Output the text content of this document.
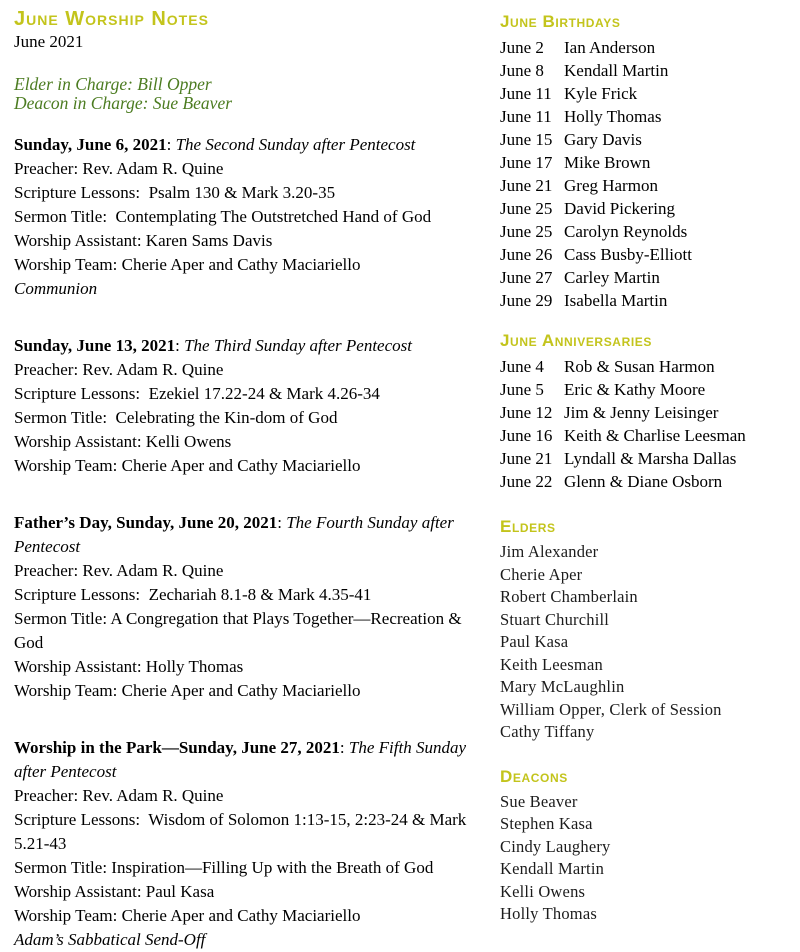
June Worship Notes
June 2021
Elder in Charge: Bill Opper
Deacon in Charge: Sue Beaver
Sunday, June 6, 2021: The Second Sunday after Pentecost
Preacher: Rev. Adam R. Quine
Scripture Lessons:  Psalm 130 & Mark 3.20-35
Sermon Title:  Contemplating The Outstretched Hand of God
Worship Assistant: Karen Sams Davis
Worship Team: Cherie Aper and Cathy Maciariello
Communion
Sunday, June 13, 2021: The Third Sunday after Pentecost
Preacher: Rev. Adam R. Quine
Scripture Lessons:  Ezekiel 17.22-24 & Mark 4.26-34
Sermon Title:  Celebrating the Kin-dom of God
Worship Assistant: Kelli Owens
Worship Team: Cherie Aper and Cathy Maciariello
Father’s Day, Sunday, June 20, 2021: The Fourth Sunday after Pentecost
Preacher: Rev. Adam R. Quine
Scripture Lessons:  Zechariah 8.1-8 & Mark 4.35-41
Sermon Title: A Congregation that Plays Together—Recreation & God
Worship Assistant: Holly Thomas
Worship Team: Cherie Aper and Cathy Maciariello
Worship in the Park—Sunday, June 27, 2021: The Fifth Sunday after Pentecost
Preacher: Rev. Adam R. Quine
Scripture Lessons:  Wisdom of Solomon 1:13-15, 2:23-24 & Mark 5.21-43
Sermon Title: Inspiration—Filling Up with the Breath of God
Worship Assistant: Paul Kasa
Worship Team: Cherie Aper and Cathy Maciariello
Adam’s Sabbatical Send-Off
June Birthdays
June 2	Ian Anderson
June 8	Kendall Martin
June 11 Kyle Frick
June 11 Holly Thomas
June 15 Gary Davis
June 17 Mike Brown
June 21 Greg Harmon
June 25 David Pickering
June 25 Carolyn Reynolds
June 26 Cass Busby-Elliott
June 27 Carley Martin
June 29 Isabella Martin
June Anniversaries
June 4	Rob & Susan Harmon
June 5	Eric & Kathy Moore
June 12 Jim & Jenny Leisinger
June 16 Keith & Charlise Leesman
June 21 Lyndall & Marsha Dallas
June 22 Glenn & Diane Osborn
Elders
Jim Alexander
Cherie Aper
Robert Chamberlain
Stuart Churchill
Paul Kasa
Keith Leesman
Mary McLaughlin
William Opper, Clerk of Session
Cathy Tiffany
Deacons
Sue Beaver
Stephen Kasa
Cindy Laughery
Kendall Martin
Kelli Owens
Holly Thomas
